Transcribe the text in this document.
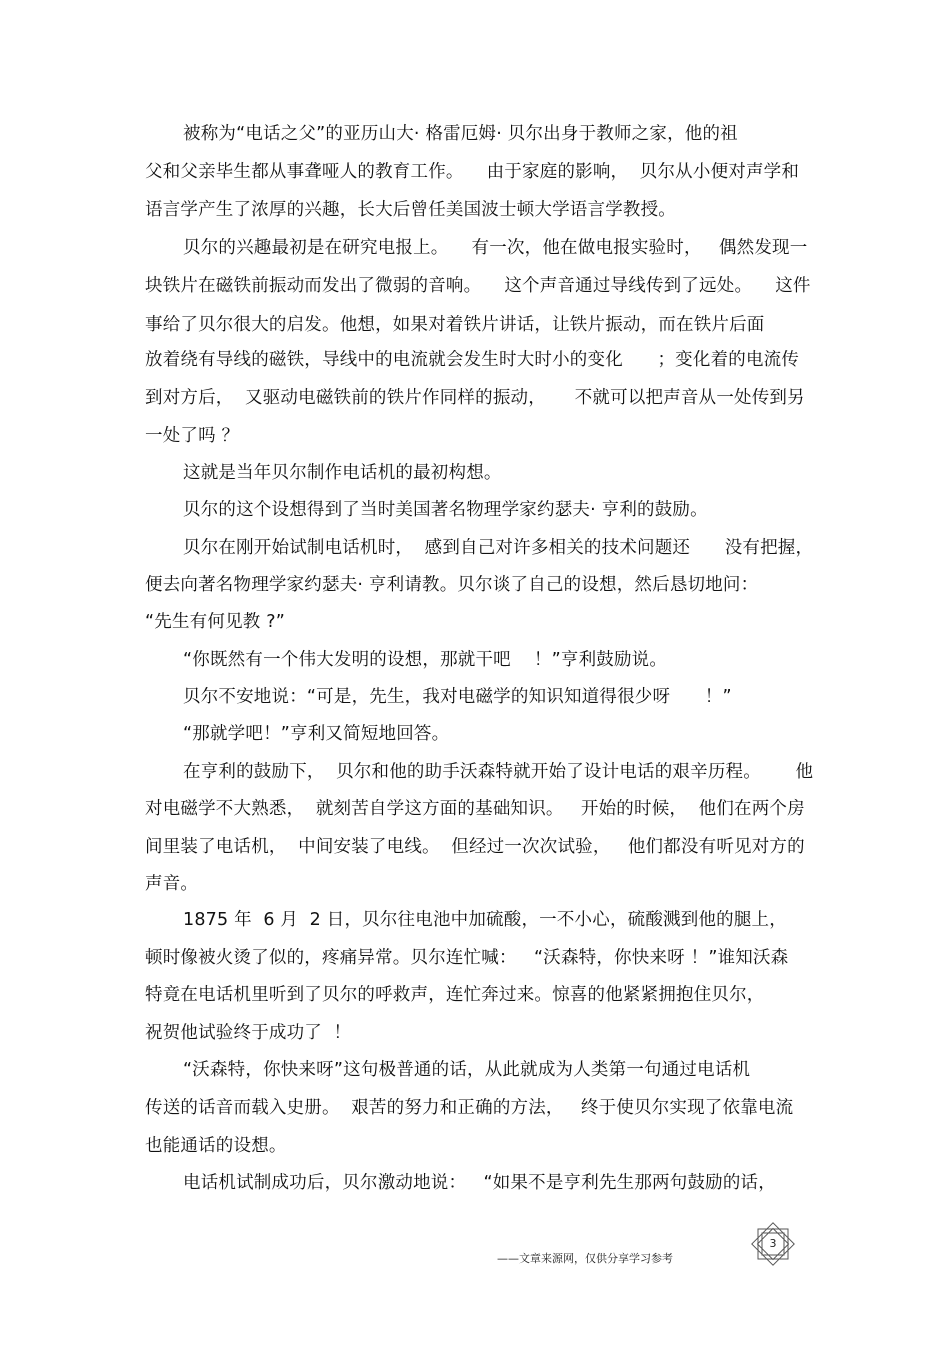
被称为“电话之父”的亚历山大· 格雷厄姆· 贝尔出身于教师之家，他的祖
父和父亲毕生都从事聋哑人的教育工作。    由于家庭的影响，  贝尔从小便对声学和
语言学产生了浓厚的兴趣，长大后曾任美国波士顿大学语言学教授。
贝尔的兴趣最初是在研究电报上。    有一次，他在做电报实验时，   偶然发现一
块铁片在磁铁前振动而发出了微弱的音响。    这个声音通过导线传到了远处。    这件
事给了贝尔很大的启发。他想，如果对着铁片讲话，让铁片振动，而在铁片后面
放着绕有导线的磁铁，导线中的电流就会发生时大时小的变化      ；变化着的电流传
到对方后，  又驱动电磁铁前的铁片作同样的振动，     不就可以把声音从一处传到另
一处了吗 ？
这就是当年贝尔制作电话机的最初构想。
贝尔的这个设想得到了当时美国著名物理学家约瑟夫· 亨利的鼓励。
贝尔在刚开始试制电话机时，  感到自己对许多相关的技术问题还      没有把握，
便去向著名物理学家约瑟夫· 亨利请教。贝尔谈了自己的设想，然后恳切地问：
“先生有何见教 ?”
“你既然有一个伟大发明的设想，那就干吧    ！”亨利鼓励说。
贝尔不安地说：“可是，先生，我对电磁学的知识知道得很少呀      ！”
“那就学吧！”亨利又简短地回答。
在亨利的鼓励下，  贝尔和他的助手沃森特就开始了设计电话的艰辛历程。      他
对电磁学不大熟悉，  就刻苦自学这方面的基础知识。   开始的时候，  他们在两个房
间里装了电话机，  中间安装了电线。  但经过一次次试验，   他们都没有听见对方的
声音。
1875 年  6 月  2 日，贝尔往电池中加硫酸，一不小心，硫酸溅到他的腿上，
顿时像被火烫了似的，疼痛异常。贝尔连忙喊：   “沃森特，你快来呀 ！”谁知沃森
特竟在电话机里听到了贝尔的呼救声，连忙奔过来。惊喜的他紧紧拥抱住贝尔，
祝贺他试验终于成功了  ！
“沃森特，你快来呀”这句极普通的话，从此就成为人类第一句通过电话机
传送的话音而载入史册。  艰苦的努力和正确的方法，   终于使贝尔实现了依靠电流
也能通话的设想。
电话机试制成功后，贝尔激动地说：   “如果不是亨利先生那两句鼓励的话，
——文章来源网，仅供分享学习参考
3
